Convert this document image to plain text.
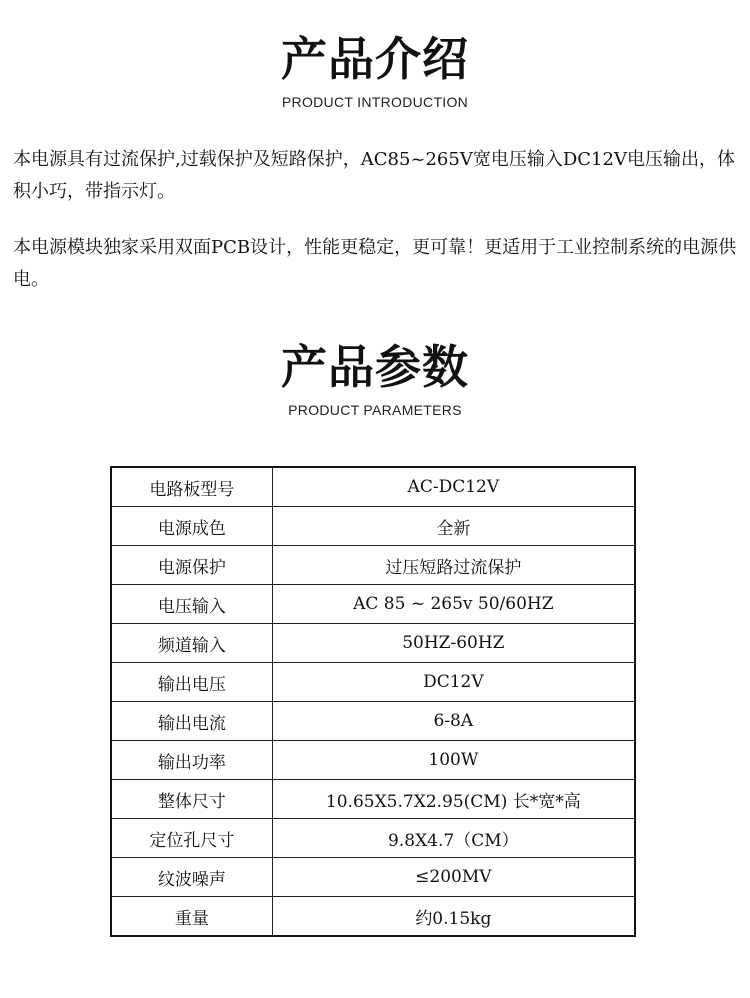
产品介绍
PRODUCT INTRODUCTION
本电源具有过流保护,过载保护及短路保护，AC85~265V宽电压输入DC12V电压输出，体积小巧，带指示灯。
本电源模块独家采用双面PCB设计，性能更稳定，更可靠！更适用于工业控制系统的电源供电。
产品参数
PRODUCT PARAMETERS
电路板型号	AC-DC12V
电源成色	全新
电源保护	过压短路过流保护
电压输入	AC 85 ~ 265v 50/60HZ
频道输入	50HZ-60HZ
输出电压	DC12V
输出电流	6-8A
输出功率	100W
整体尺寸	10.65X5.7X2.95(CM) 长*宽*高
定位孔尺寸	9.8X4.7（CM）
纹波噪声	≤200MV
重量	约0.15kg
